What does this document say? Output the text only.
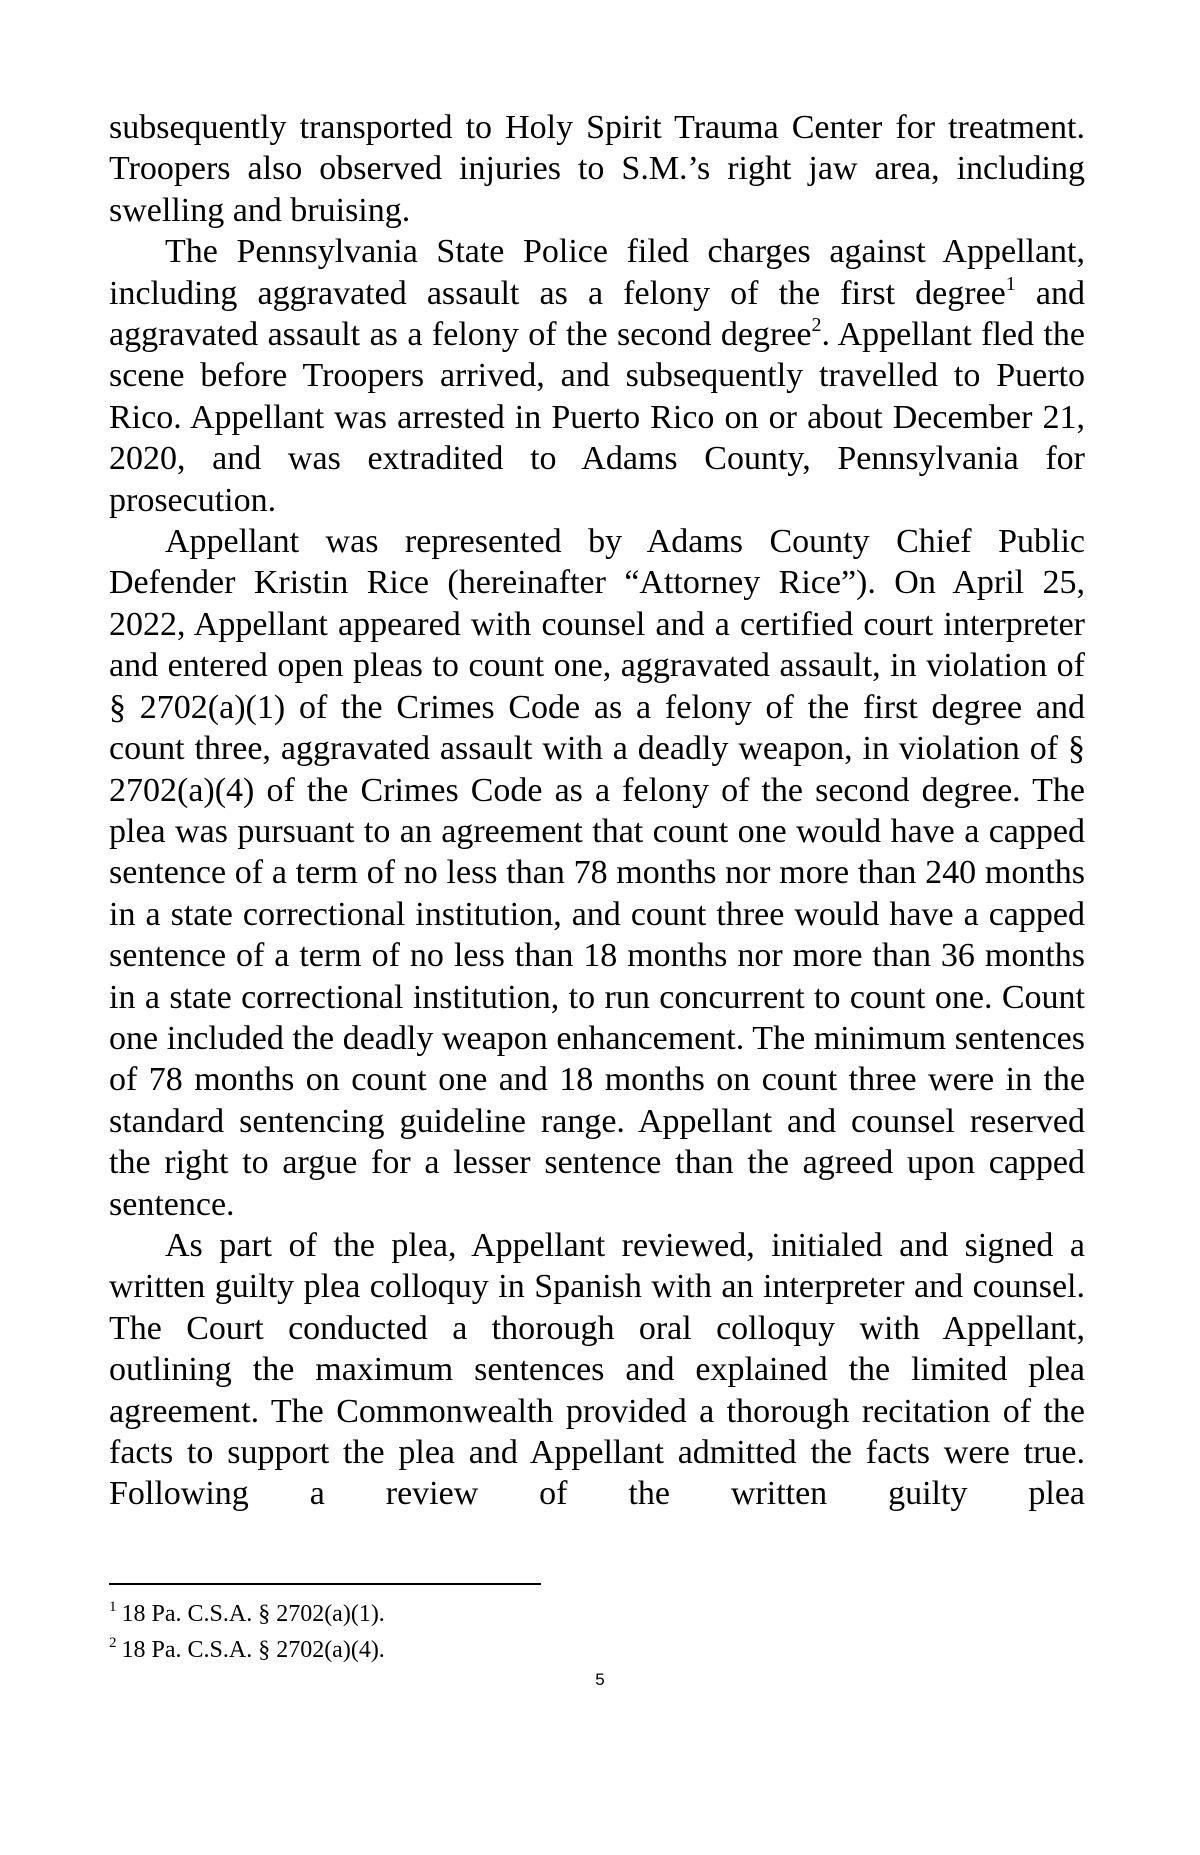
subsequently transported to Holy Spirit Trauma Center for treatment. Troopers also observed injuries to S.M.’s right jaw area, including swelling and bruising.

The Pennsylvania State Police filed charges against Appellant, including aggravated assault as a felony of the first degree$^1$ and aggravated assault as a felony of the second degree$^2$. Appellant fled the scene before Troopers arrived, and subsequently travelled to Puerto Rico. Appellant was arrested in Puerto Rico on or about December 21, 2020, and was extradited to Adams County, Pennsylvania for prosecution.

Appellant was represented by Adams County Chief Public Defender Kristin Rice (hereinafter “Attorney Rice”). On April 25, 2022, Appellant appeared with counsel and a certified court interpreter and entered open pleas to count one, aggravated assault, in violation of § 2702(a)(1) of the Crimes Code as a felony of the first degree and count three, aggravated assault with a deadly weapon, in violation of § 2702(a)(4) of the Crimes Code as a felony of the second degree. The plea was pursuant to an agreement that count one would have a capped sentence of a term of no less than 78 months nor more than 240 months in a state correctional institution, and count three would have a capped sentence of a term of no less than 18 months nor more than 36 months in a state correctional institution, to run concurrent to count one. Count one included the deadly weapon enhancement. The minimum sentences of 78 months on count one and 18 months on count three were in the standard sentencing guideline range. Appellant and counsel reserved the right to argue for a lesser sentence than the agreed upon capped sentence.

As part of the plea, Appellant reviewed, initialed and signed a written guilty plea colloquy in Spanish with an interpreter and counsel. The Court conducted a thorough oral colloquy with Appellant, outlining the maximum sentences and explained the limited plea agreement. The Commonwealth provided a thorough recitation of the facts to support the plea and Appellant admitted the facts were true. Following a review of the written guilty plea

$^1$ 18 Pa. C.S.A. § 2702(a)(1).
$^2$ 18 Pa. C.S.A. § 2702(a)(4).
5
